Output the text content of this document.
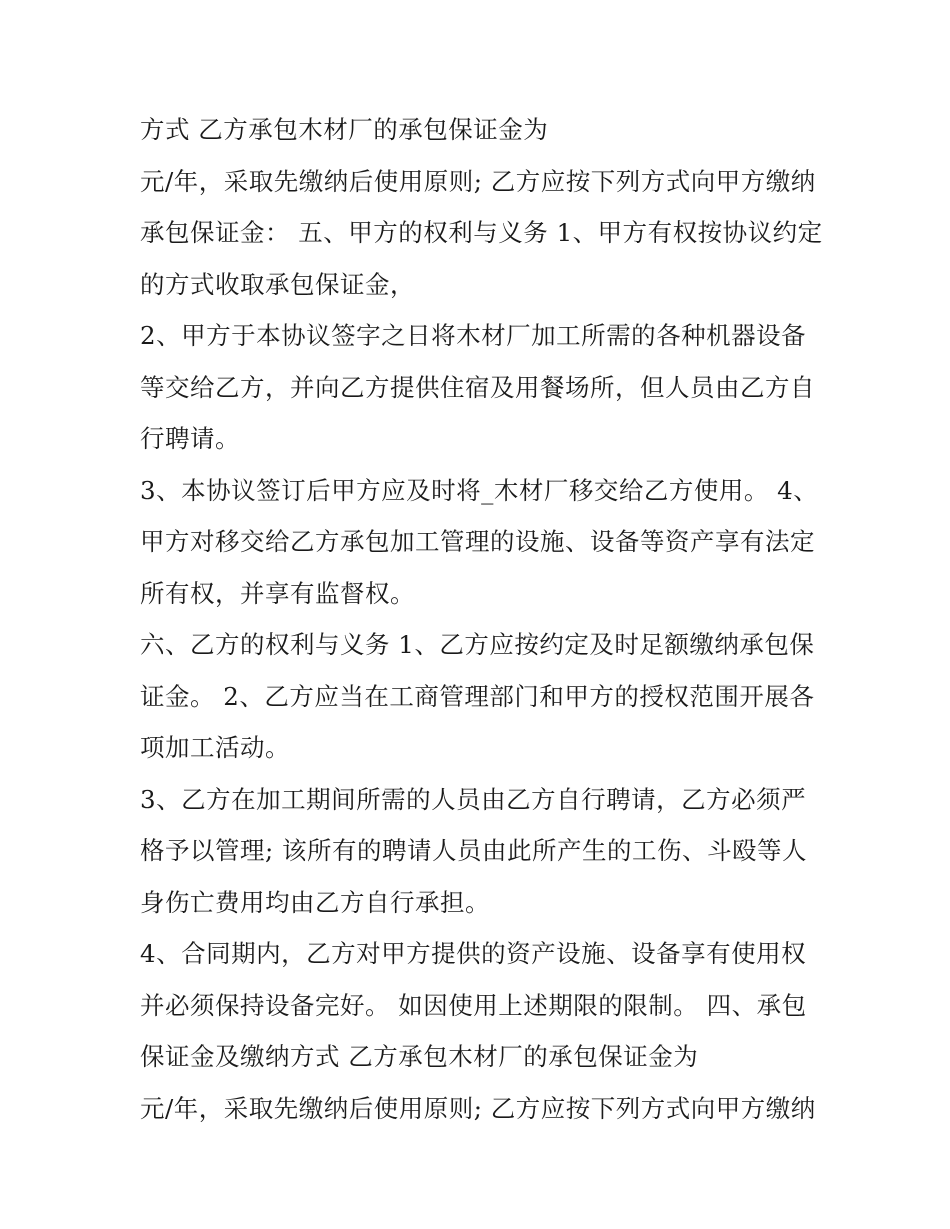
方式 乙方承包木材厂的承包保证金为
元/年，采取先缴纳后使用原则; 乙方应按下列方式向甲方缴纳
承包保证金： 五、甲方的权利与义务 1、甲方有权按协议约定
的方式收取承包保证金，
2、甲方于本协议签字之日将木材厂加工所需的各种机器设备
等交给乙方，并向乙方提供住宿及用餐场所，但人员由乙方自
行聘请。
3、本协议签订后甲方应及时将_木材厂移交给乙方使用。 4、
甲方对移交给乙方承包加工管理的设施、设备等资产享有法定
所有权，并享有监督权。
六、乙方的权利与义务 1、乙方应按约定及时足额缴纳承包保
证金。 2、乙方应当在工商管理部门和甲方的授权范围开展各
项加工活动。
3、乙方在加工期间所需的人员由乙方自行聘请，乙方必须严
格予以管理; 该所有的聘请人员由此所产生的工伤、斗殴等人
身伤亡费用均由乙方自行承担。
4、合同期内，乙方对甲方提供的资产设施、设备享有使用权
并必须保持设备完好。 如因使用上述期限的限制。 四、承包
保证金及缴纳方式 乙方承包木材厂的承包保证金为
元/年，采取先缴纳后使用原则; 乙方应按下列方式向甲方缴纳
